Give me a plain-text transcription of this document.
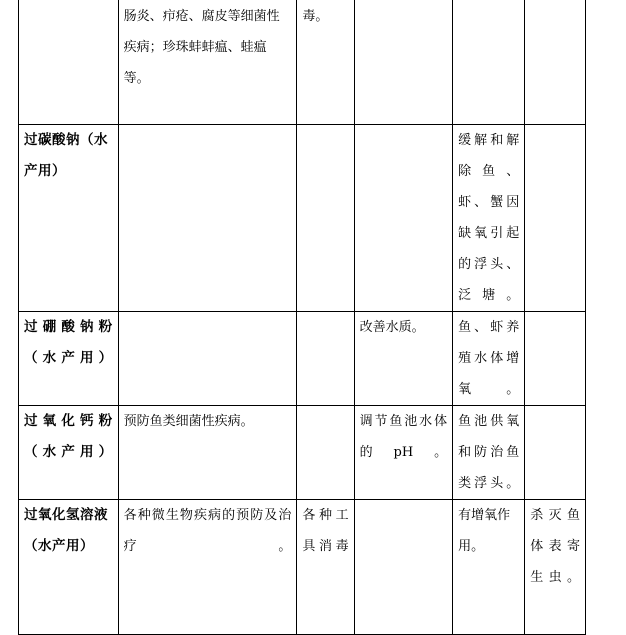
	肠炎、疖疮、腐皮等细菌性疾病；珍珠蚌蚌瘟、蛙瘟等。	毒。			
过碳酸钠（水产用）				缓解和解除鱼、虾、蟹因缺氧引起的浮头、泛塘。	
过硼酸钠粉（水产用）			改善水质。	鱼、虾养殖水体增氧。	
过氧化钙粉（水产用）	预防鱼类细菌性疾病。		调节鱼池水体的pH。	鱼池供氧和防治鱼类浮头。	
过氧化氢溶液（水产用）	各种微生物疾病的预防及治疗。	各种工具消毒		有增氧作用。	杀灭鱼体表寄生虫。
